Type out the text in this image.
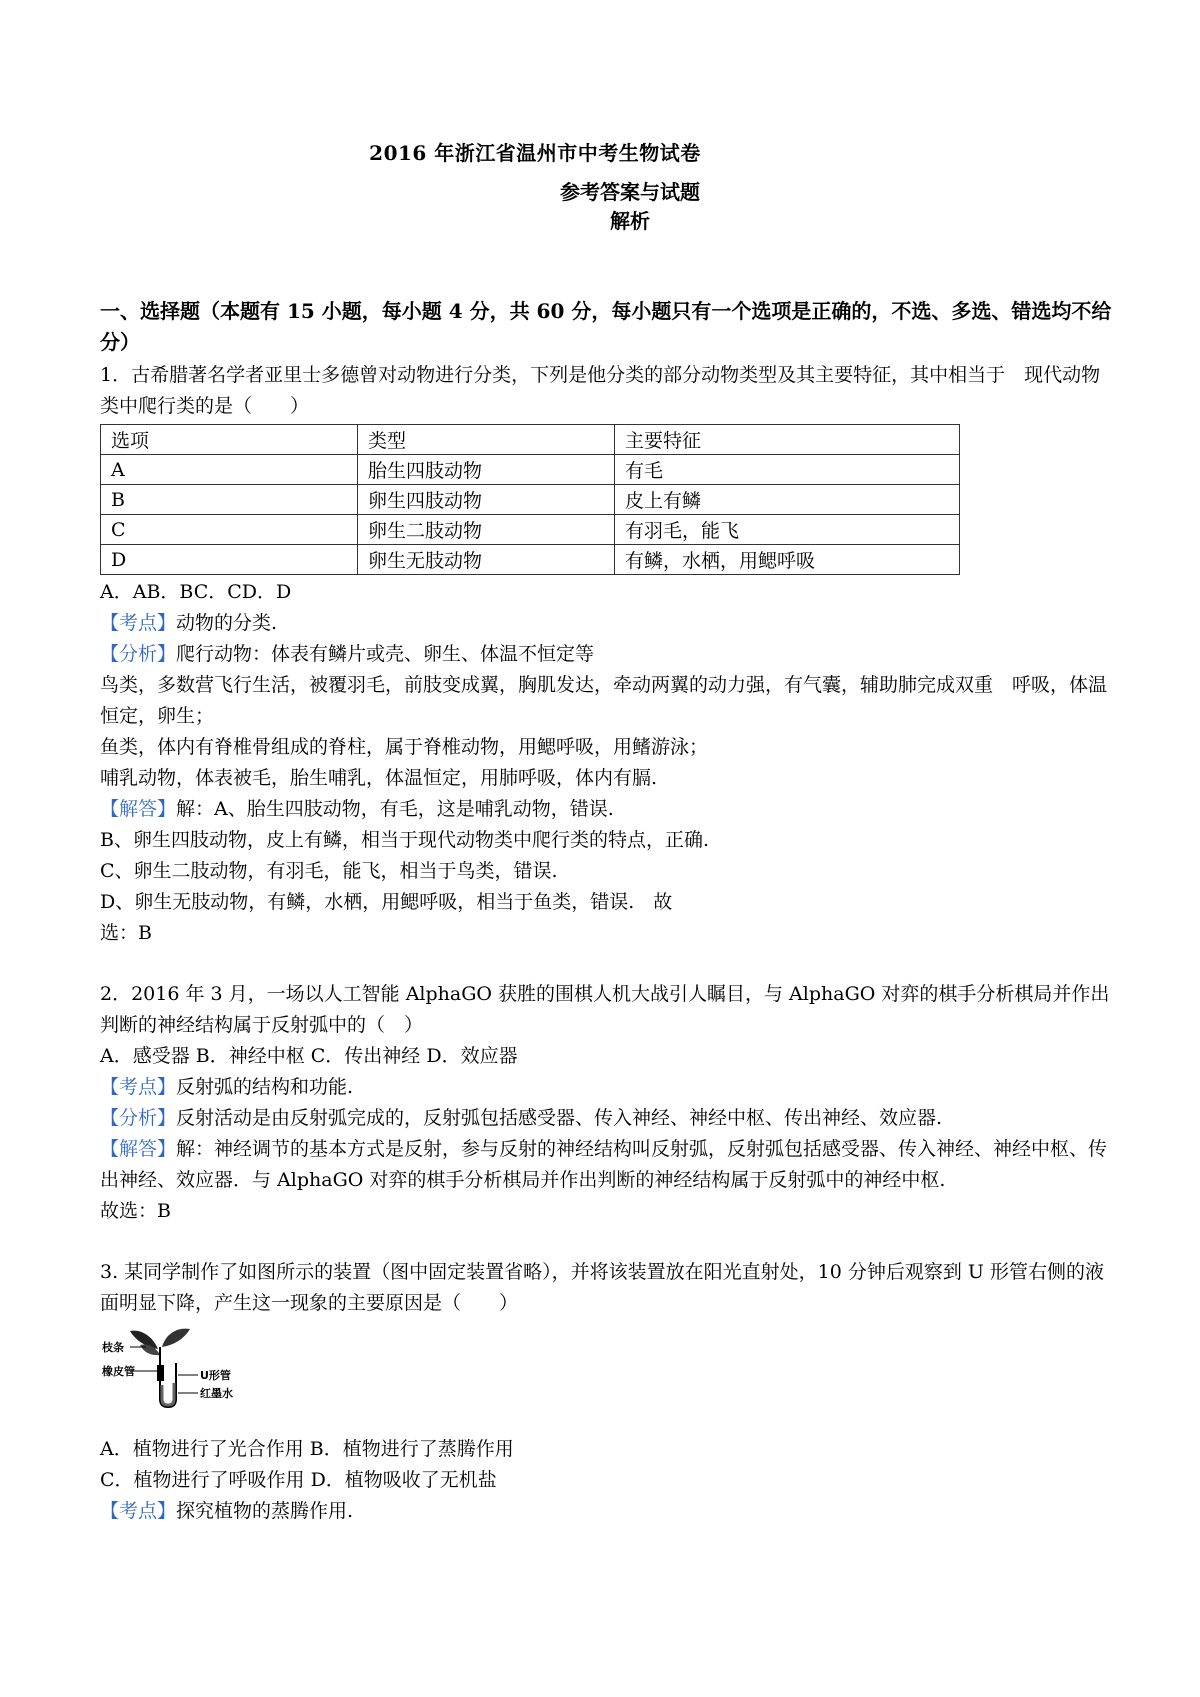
2016 年浙江省温州市中考生物试卷
参考答案与试题
解析
一、选择题（本题有 15 小题，每小题 4 分，共 60 分，每小题只有一个选项是正确的，不选、多选、错选均不给分）

1．古希腊著名学者亚里士多德曾对动物进行分类，下列是他分类的部分动物类型及其主要特征，其中相当于　现代动物类中爬行类的是（　　）

选项	类型	主要特征
A	胎生四肢动物	有毛
B	卵生四肢动物	皮上有鳞
C	卵生二肢动物	有羽毛，能飞
D	卵生无肢动物	有鳞，水栖，用鳃呼吸

A．AB．BC．CD．D

【考点】动物的分类.

【分析】爬行动物：体表有鳞片或壳、卵生、体温不恒定等

鸟类，多数营飞行生活，被覆羽毛，前肢变成翼，胸肌发达，牵动两翼的动力强，有气囊，辅助肺完成双重　呼吸，体温恒定，卵生；

鱼类，体内有脊椎骨组成的脊柱，属于脊椎动物，用鳃呼吸，用鳍游泳；

哺乳动物，体表被毛，胎生哺乳，体温恒定，用肺呼吸，体内有膈.

【解答】解：A、胎生四肢动物，有毛，这是哺乳动物，错误.

B、卵生四肢动物，皮上有鳞，相当于现代动物类中爬行类的特点，正确.

C、卵生二肢动物，有羽毛，能飞，相当于鸟类，错误.

D、卵生无肢动物，有鳞，水栖，用鳃呼吸，相当于鱼类，错误.　故

选：B

2．2016 年 3 月，一场以人工智能 AlphaGO 获胜的围棋人机大战引人瞩目，与 AlphaGO 对弈的棋手分析棋局并作出判断的神经结构属于反射弧中的（　）

A．感受器 B．神经中枢 C．传出神经 D．效应器

【考点】反射弧的结构和功能.

【分析】反射活动是由反射弧完成的，反射弧包括感受器、传入神经、神经中枢、传出神经、效应器.

【解答】解：神经调节的基本方式是反射，参与反射的神经结构叫反射弧，反射弧包括感受器、传入神经、神经中枢、传出神经、效应器．与 AlphaGO 对弈的棋手分析棋局并作出判断的神经结构属于反射弧中的神经中枢.

故选：B

3. 某同学制作了如图所示的装置（图中固定装置省略），并将该装置放在阳光直射处，10 分钟后观察到 U 形管右侧的液面明显下降，产生这一现象的主要原因是（　　）

枝条
橡皮管	U形管
红墨水

A．植物进行了光合作用 B．植物进行了蒸腾作用

C．植物进行了呼吸作用 D．植物吸收了无机盐

【考点】探究植物的蒸腾作用.
